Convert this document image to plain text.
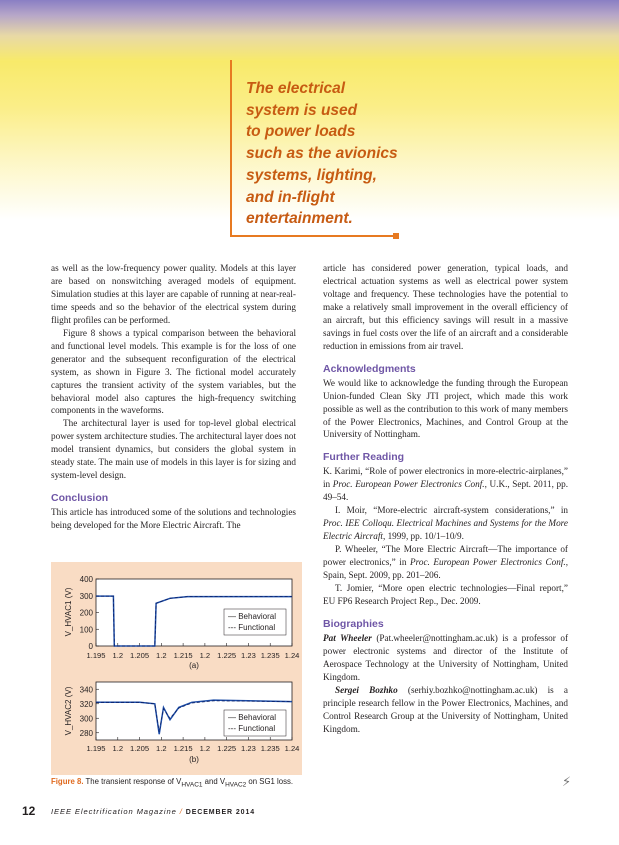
The electrical
system is used
to power loads
such as the avionics
systems, lighting,
and in-flight
entertainment.

as well as the low-frequency power quality. Models at this layer are based on nonswitching averaged models of equipment. Simulation studies at this layer are capable of running at near-real-time speeds and so the behavior of the electrical system during flight profiles can be performed.

Figure 8 shows a typical comparison between the behavioral and functional level models. This example is for the loss of one generator and the subsequent reconfiguration of the electrical system, as shown in Figure 3. The fictional model accurately captures the transient activity of the system variables, but the behavioral model also captures the high-frequency switching components in the waveforms.

The architectural layer is used for top-level global electrical power system architecture studies. The architectural layer does not model transient dynamics, but considers the global system in steady state. The main use of models in this layer is for sizing and system-level design.

Conclusion

This article has introduced some of the solutions and technologies being developed for the More Electric Aircraft. The

400
300
200
100
0
1.195 1.2 1.205 1.2 1.215 1.2 1.225 1.23 1.235 1.24
(a)
V_HVAC1 (V)	— Behavioral
--- Functional
340
320
300
280
1.195 1.2 1.205 1.2 1.215 1.2 1.225 1.23 1.235 1.24
(b)
V_HVAC2 (V)	— Behavioral
--- Functional
Figure 8. The transient response of $V_{HVAC1}$ and $V_{HVAC2}$ on SG1 loss.

article has considered power generation, typical loads, and electrical actuation systems as well as electrical power system voltage and frequency. These technologies have the potential to make a relatively small improvement in the overall efficiency of an aircraft, but this efficiency savings will result in a massive savings in fuel costs over the life of an aircraft and a considerable reduction in emissions from air travel.

Acknowledgments

We would like to acknowledge the funding through the European Union-funded Clean Sky JTI project, which made this work possible as well as the contribution to this work of many members of the Power Electronics, Machines, and Control Group at the University of Nottingham.

Further Reading

K. Karimi, “Role of power electronics in more-electric-airplanes,” in Proc. European Power Electronics Conf., U.K., Sept. 2011, pp. 49–54.

I. Moir, “More-electric aircraft-system considerations,” in Proc. IEE Colloqu. Electrical Machines and Systems for the More Electric Aircraft, 1999, pp. 10/1–10/9.

P. Wheeler, “The More Electric Aircraft—The importance of power electronics,” in Proc. European Power Electronics Conf., Spain, Sept. 2009, pp. 201–206.

T. Jomier, “More open electric technologies—Final report,” EU FP6 Research Project Rep., Dec. 2009.

Biographies

Pat Wheeler (Pat.wheeler@nottingham.ac.uk) is a professor of power electronic systems and director of the Institute of Aerospace Technology at the University of Nottingham, United Kingdom.

Sergei Bozhko (serhiy.bozhko@nottingham.ac.uk) is a principle research fellow in the Power Electronics, Machines, and Control Research Group at the University of Nottingham, United Kingdom.

⚡︎
12 IEEE Electrification Magazine / DECEMBER 2014
